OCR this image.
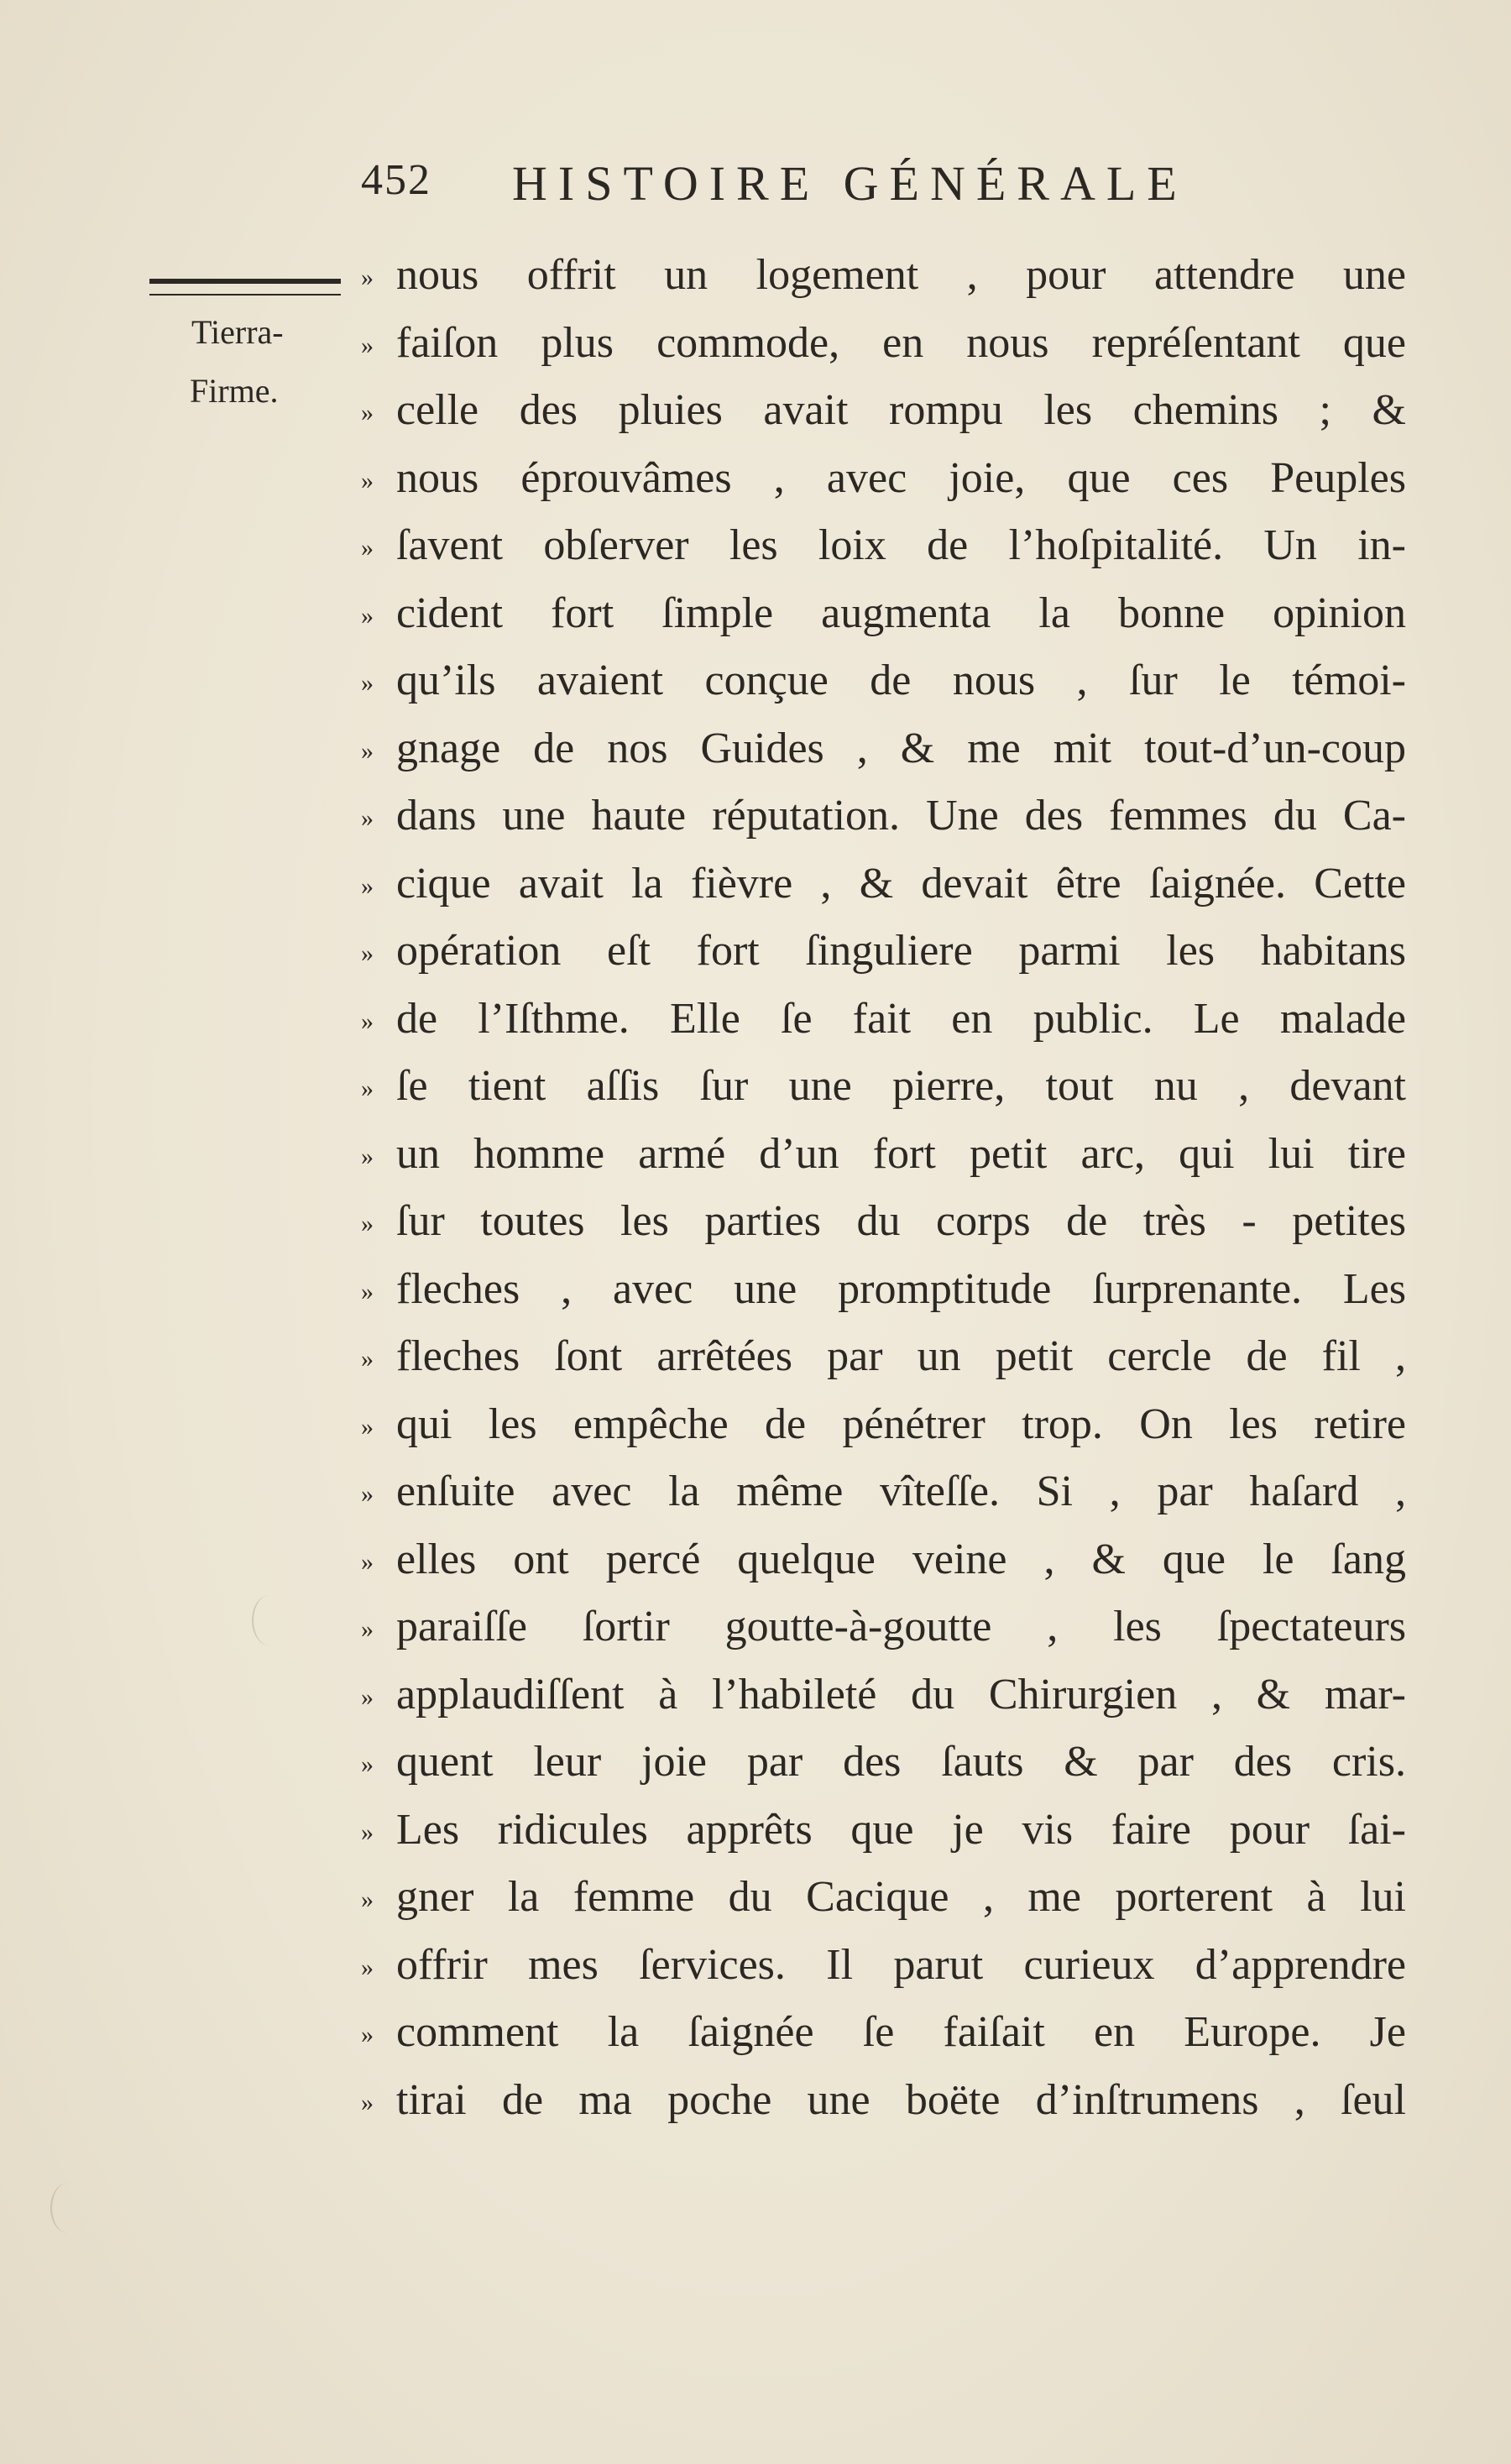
452 HISTOIRE GÉNÉRALE
Tierra-
Firme.
» nous offrit un logement , pour attendre une
» faiſon plus commode, en nous repréſentant que
» celle des pluies avait rompu les chemins ; &
» nous éprouvâmes , avec joie, que ces Peuples
» ſavent obſerver les loix de l’hoſpitalité. Un in-
» cident fort ſimple augmenta la bonne opinion
» qu’ils avaient conçue de nous , ſur le témoi-
» gnage de nos Guides , & me mit tout-d’un-coup
» dans une haute réputation. Une des femmes du Ca-
» cique avait la fièvre , & devait être ſaignée. Cette
» opération eſt fort ſinguliere parmi les habitans
» de l’Iſthme. Elle ſe fait en public. Le malade
» ſe tient aſſis ſur une pierre, tout nu , devant
» un homme armé d’un fort petit arc, qui lui tire
» ſur toutes les parties du corps de très - petites
» fleches , avec une promptitude ſurprenante. Les
» fleches ſont arrêtées par un petit cercle de fil ,
» qui les empêche de pénétrer trop. On les retire
» enſuite avec la même vîteſſe. Si , par haſard ,
» elles ont percé quelque veine , & que le ſang
» paraiſſe ſortir goutte-à-goutte , les ſpectateurs
» applaudiſſent à l’habileté du Chirurgien , & mar-
» quent leur joie par des ſauts & par des cris.
» Les ridicules apprêts que je vis faire pour ſai-
» gner la femme du Cacique , me porterent à lui
» offrir mes ſervices. Il parut curieux d’apprendre
» comment la ſaignée ſe faiſait en Europe. Je
» tirai de ma poche une boëte d’inſtrumens , ſeul
